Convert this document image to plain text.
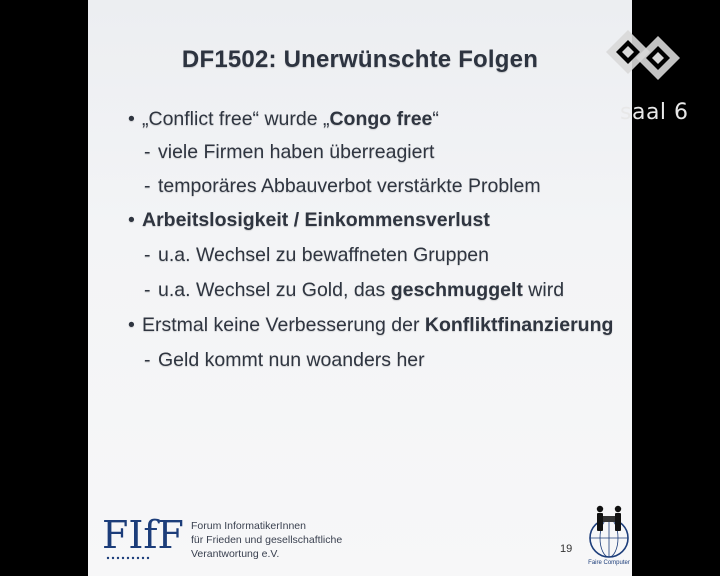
DF1502: Unerwünschte Folgen
• „Conflict free“ wurde „Congo free“
- viele Firmen haben überreagiert
- temporäres Abbauverbot verstärkte Problem
• Arbeitslosigkeit / Einkommensverlust
- u.a. Wechsel zu bewaffneten Gruppen
- u.a. Wechsel zu Gold, das geschmuggelt wird
• Erstmal keine Verbesserung der Konfliktfinanzierung
- Geld kommt nun woanders her
FIfF Forum InformatikerInnen
für Frieden und gesellschaftliche
Verantwortung e.V.	19
Faire Computer
saal 6
